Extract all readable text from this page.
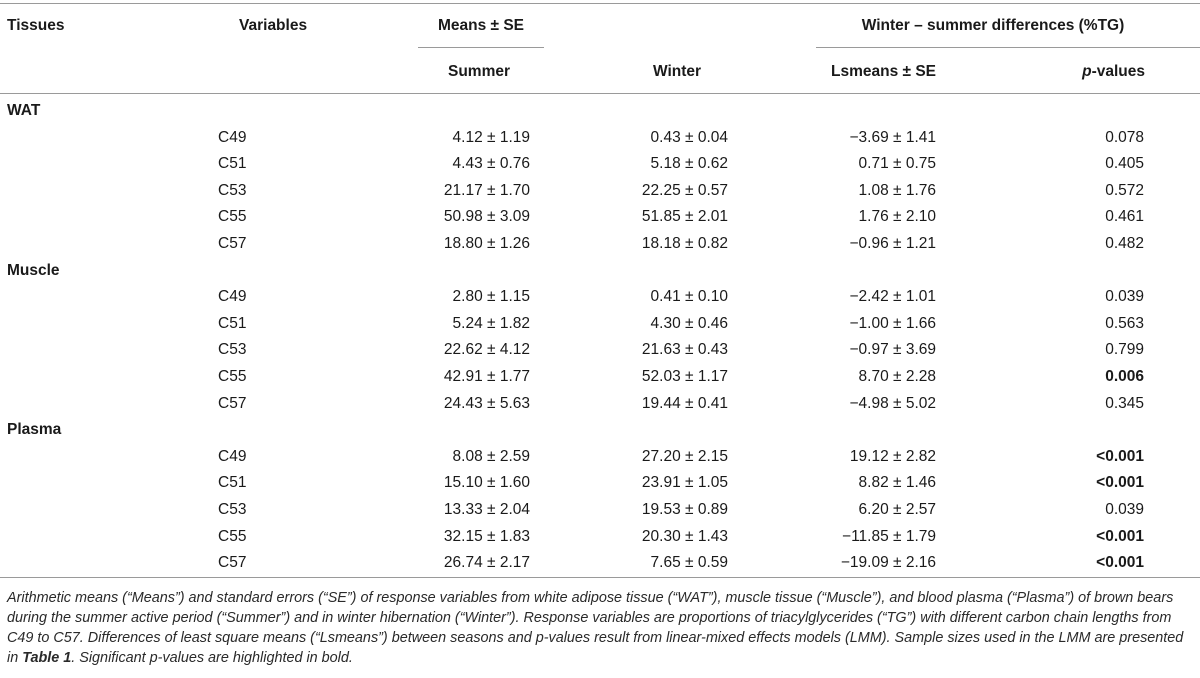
Tissues	Variables	Means ± SE	Winter – summer differences (%TG)
Summer	Winter	Lsmeans ± SE	p-values
WAT
C49	4.12 ± 1.19	0.43 ± 0.04	−3.69 ± 1.41	0.078
C51	4.43 ± 0.76	5.18 ± 0.62	0.71 ± 0.75	0.405
C53	21.17 ± 1.70	22.25 ± 0.57	1.08 ± 1.76	0.572
C55	50.98 ± 3.09	51.85 ± 2.01	1.76 ± 2.10	0.461
C57	18.80 ± 1.26	18.18 ± 0.82	−0.96 ± 1.21	0.482
Muscle
C49	2.80 ± 1.15	0.41 ± 0.10	−2.42 ± 1.01	0.039
C51	5.24 ± 1.82	4.30 ± 0.46	−1.00 ± 1.66	0.563
C53	22.62 ± 4.12	21.63 ± 0.43	−0.97 ± 3.69	0.799
C55	42.91 ± 1.77	52.03 ± 1.17	8.70 ± 2.28	0.006
C57	24.43 ± 5.63	19.44 ± 0.41	−4.98 ± 5.02	0.345
Plasma
C49	8.08 ± 2.59	27.20 ± 2.15	19.12 ± 2.82	<0.001
C51	15.10 ± 1.60	23.91 ± 1.05	8.82 ± 1.46	<0.001
C53	13.33 ± 2.04	19.53 ± 0.89	6.20 ± 2.57	0.039
C55	32.15 ± 1.83	20.30 ± 1.43	−11.85 ± 1.79	<0.001
C57	26.74 ± 2.17	7.65 ± 0.59	−19.09 ± 2.16	<0.001
Arithmetic means (“Means”) and standard errors (“SE”) of response variables from white adipose tissue (“WAT”), muscle tissue (“Muscle”), and blood plasma (“Plasma”) of brown bears during the summer active period (“Summer”) and in winter hibernation (“Winter”). Response variables are proportions of triacylglycerides (“TG”) with different carbon chain lengths from C49 to C57. Differences of least square means (“Lsmeans”) between seasons and p-values result from linear-mixed effects models (LMM). Sample sizes used in the LMM are presented in Table 1. Significant p-values are highlighted in bold.
